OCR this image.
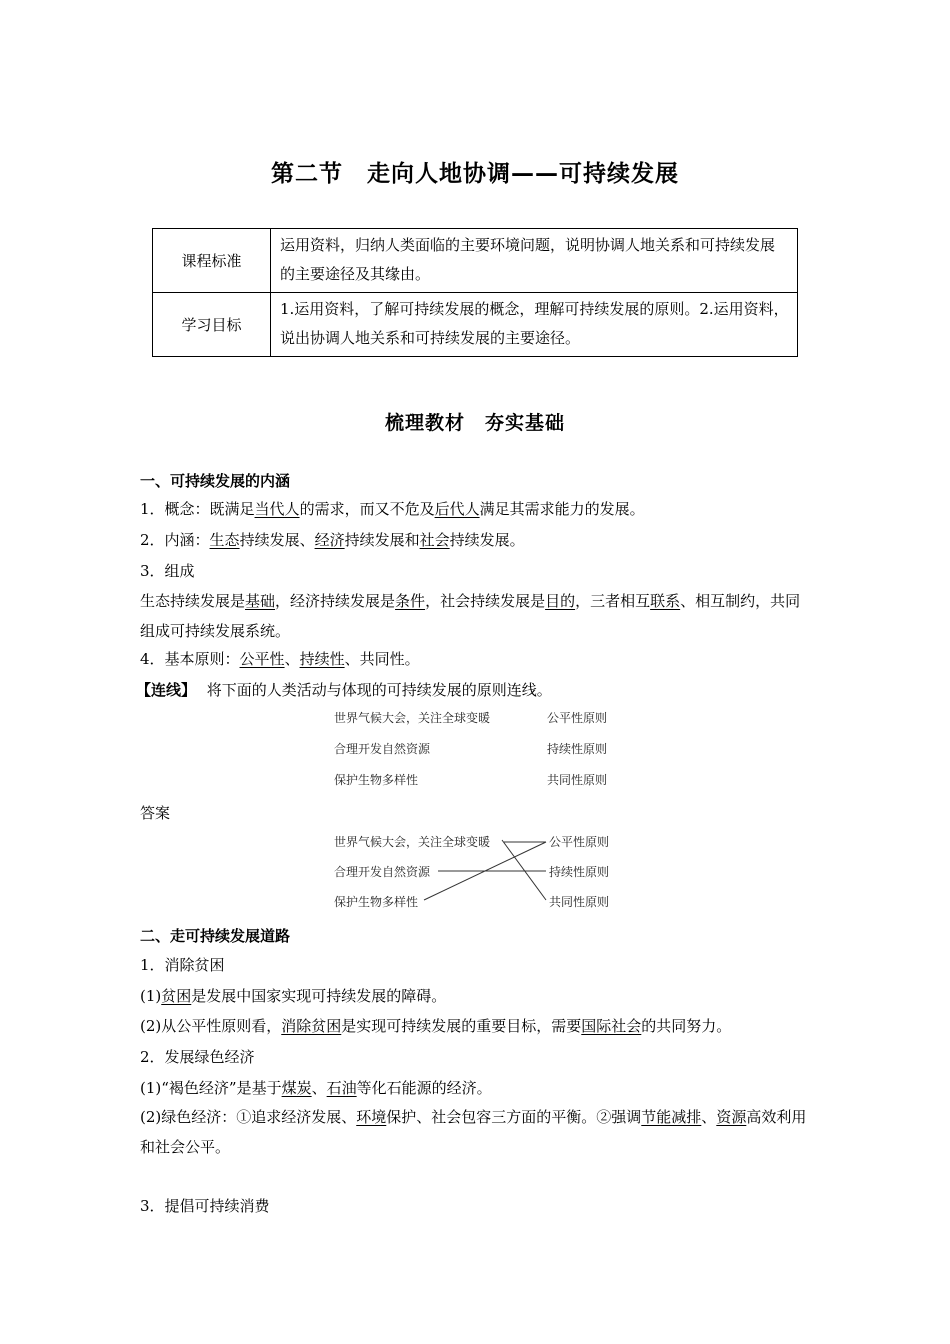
第二节　走向人地协调——可持续发展
课程标准	运用资料，归纳人类面临的主要环境问题，说明协调人地关系和可持续发展的主要途径及其缘由。
学习目标	1.运用资料，了解可持续发展的概念，理解可持续发展的原则。2.运用资料，说出协调人地关系和可持续发展的主要途径。
梳理教材　夯实基础
一、可持续发展的内涵
1．概念：既满足当代人的需求，而又不危及后代人满足其需求能力的发展。
2．内涵：生态持续发展、经济持续发展和社会持续发展。
3．组成
生态持续发展是基础，经济持续发展是条件，社会持续发展是目的，三者相互联系、相互制约，共同组成可持续发展系统。
4．基本原则：公平性、持续性、共同性。
【连线】 将下面的人类活动与体现的可持续发展的原则连线。
世界气候大会，关注全球变暖
合理开发自然资源
保护生物多样性
公平性原则
持续性原则
共同性原则
答案
世界气候大会，关注全球变暖
合理开发自然资源
保护生物多样性
公平性原则
持续性原则
共同性原则
二、走可持续发展道路
1．消除贫困
(1)贫困是发展中国家实现可持续发展的障碍。
(2)从公平性原则看，消除贫困是实现可持续发展的重要目标，需要国际社会的共同努力。
2．发展绿色经济
(1)“褐色经济”是基于煤炭、石油等化石能源的经济。
(2)绿色经济：①追求经济发展、环境保护、社会包容三方面的平衡。②强调节能减排、资源高效利用和社会公平。
3．提倡可持续消费
